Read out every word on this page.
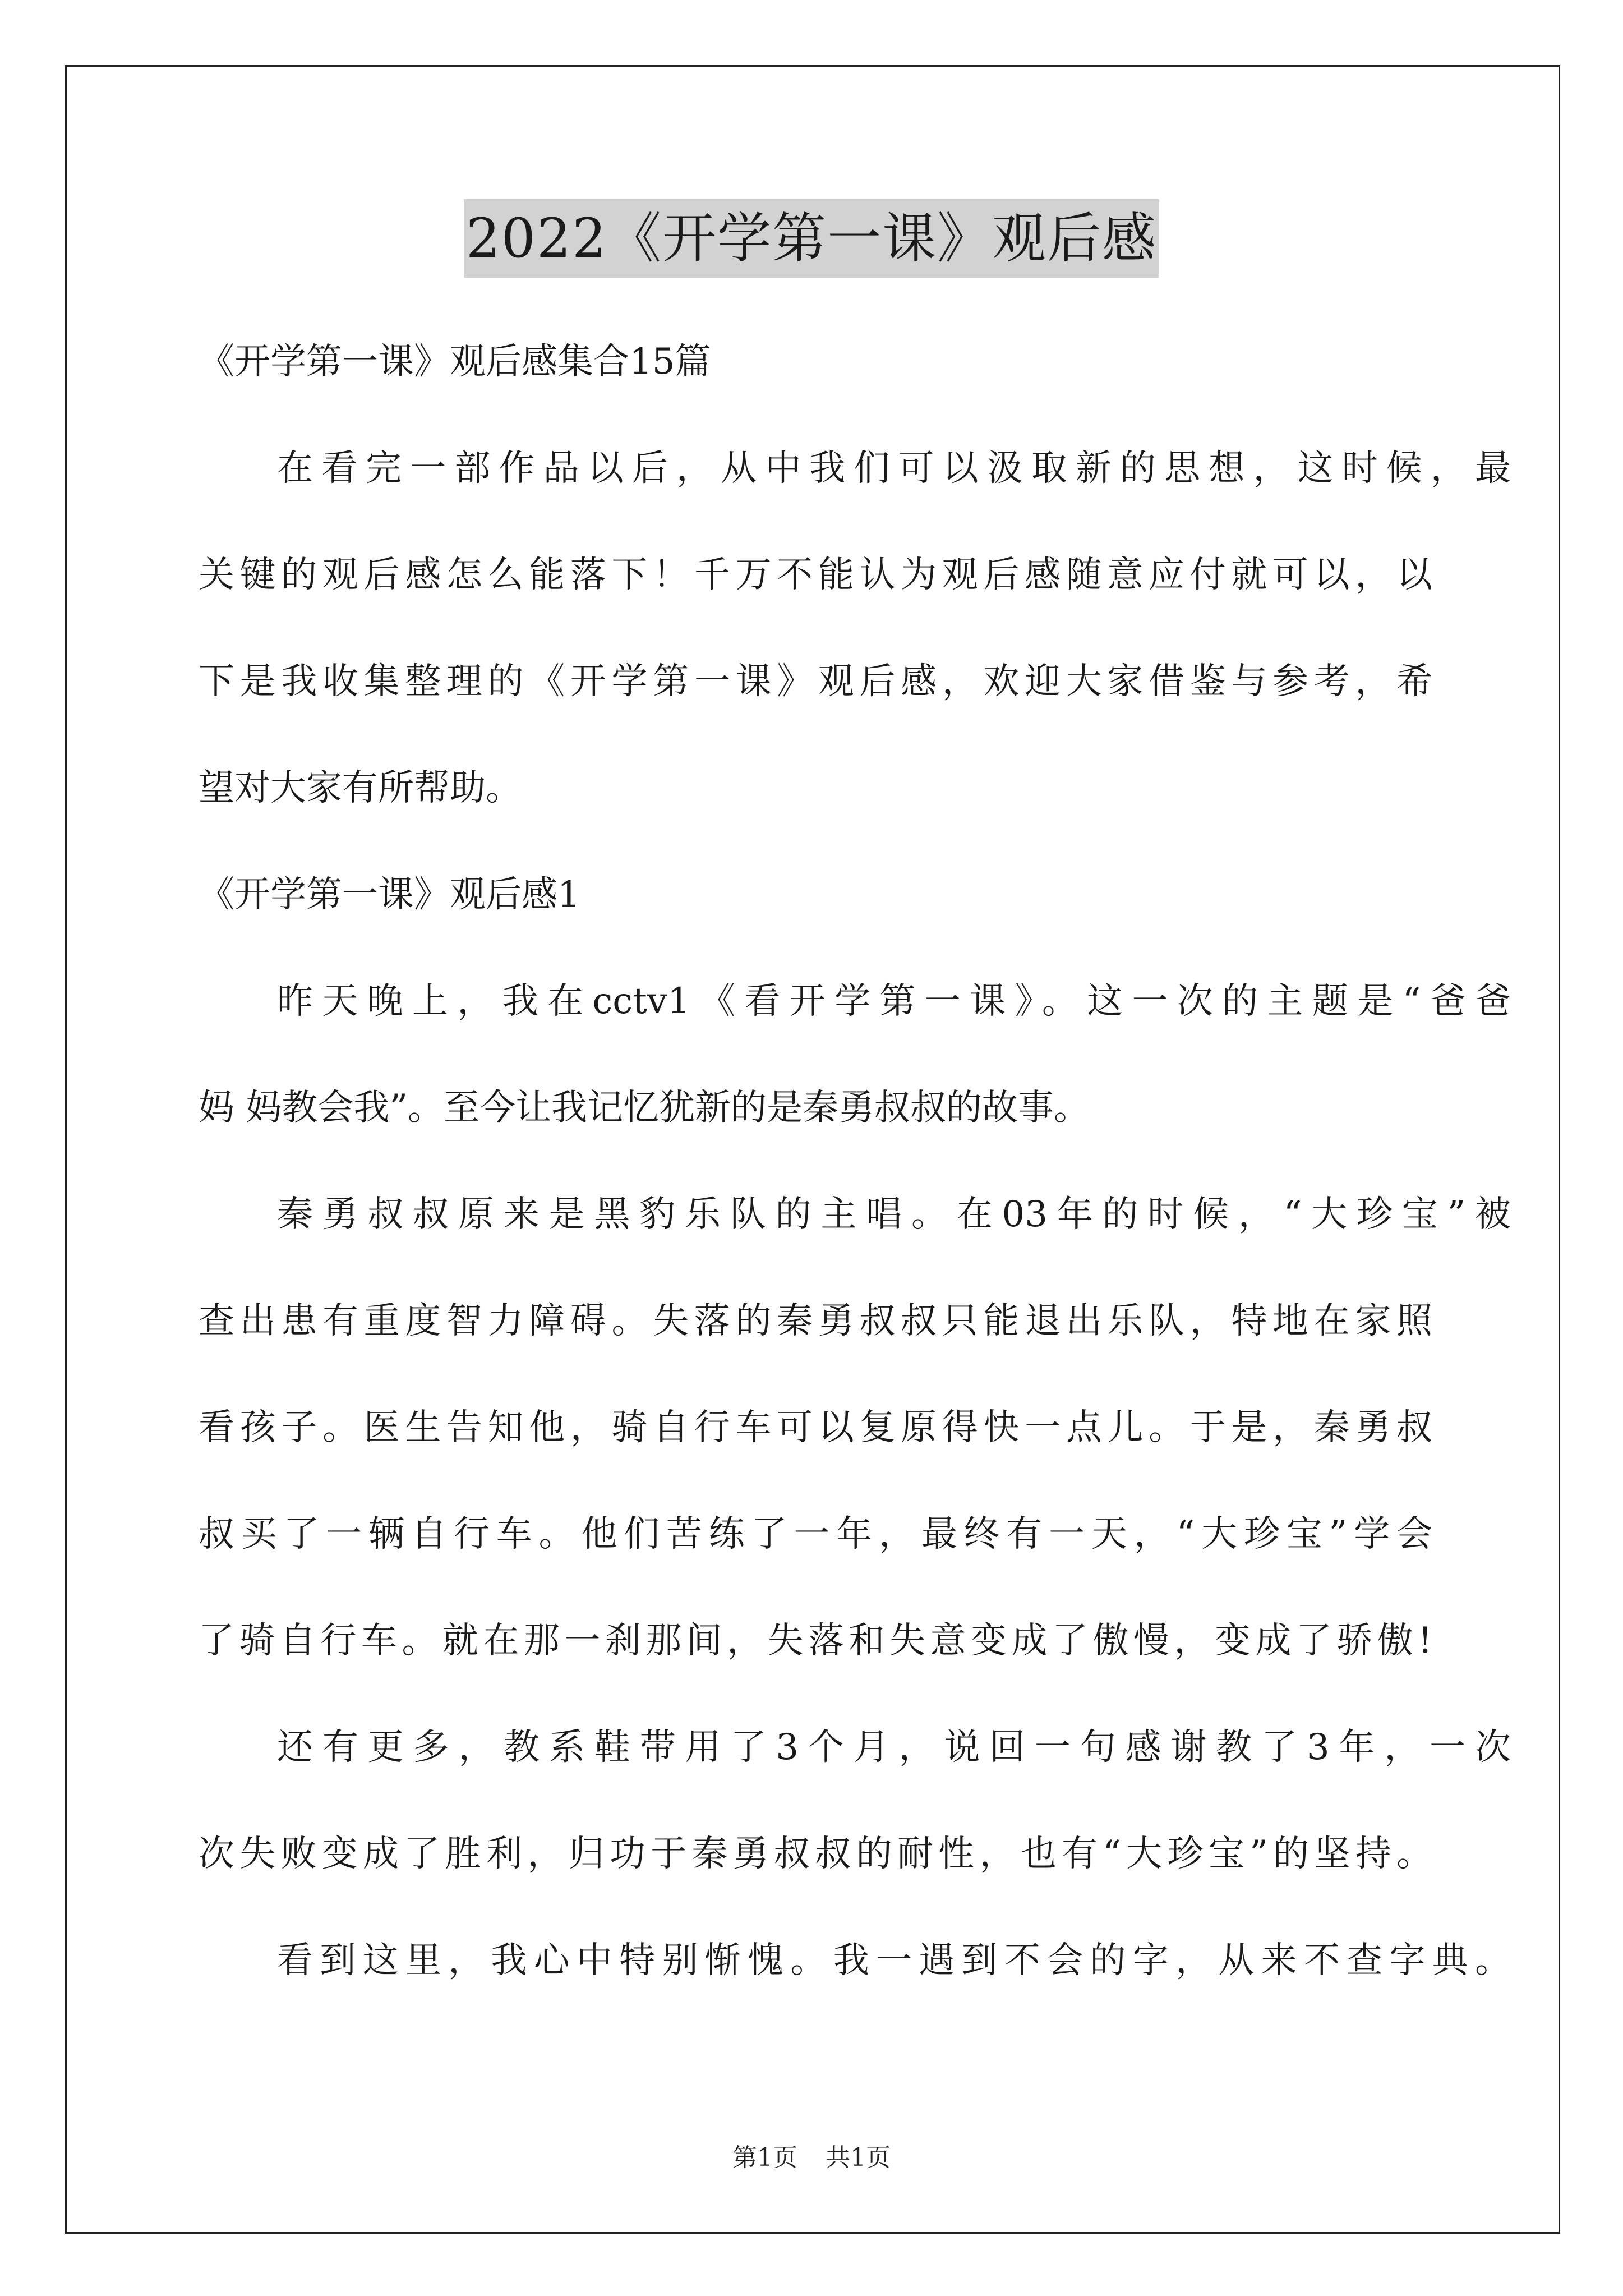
2022《开学第一课》观后感
《开学第一课》观后感集合15篇
在看完一部作品以后，从中我们可以汲取新的思想，这时候，最
关键的观后感怎么能落下！千万不能认为观后感随意应付就可以，以
下是我收集整理的《开学第一课》观后感，欢迎大家借鉴与参考，希
望对大家有所帮助。
《开学第一课》观后感1
昨天晚上，我在cctv1《看开学第一课》。这一次的主题是“爸爸
妈 妈教会我”。至今让我记忆犹新的是秦勇叔叔的故事。
秦勇叔叔原来是黑豹乐队的主唱。在03年的时候，“大珍宝”被
查出患有重度智力障碍。失落的秦勇叔叔只能退出乐队，特地在家照
看孩子。医生告知他，骑自行车可以复原得快一点儿。于是，秦勇叔
叔买了一辆自行车。他们苦练了一年，最终有一天，“大珍宝”学会
了骑自行车。就在那一刹那间，失落和失意变成了傲慢，变成了骄傲!
还有更多，教系鞋带用了3个月，说回一句感谢教了3年，一次
次失败变成了胜利，归功于秦勇叔叔的耐性，也有“大珍宝”的坚持。
看到这里，我心中特别惭愧。我一遇到不会的字，从来不查字典。
第1页 共1页
